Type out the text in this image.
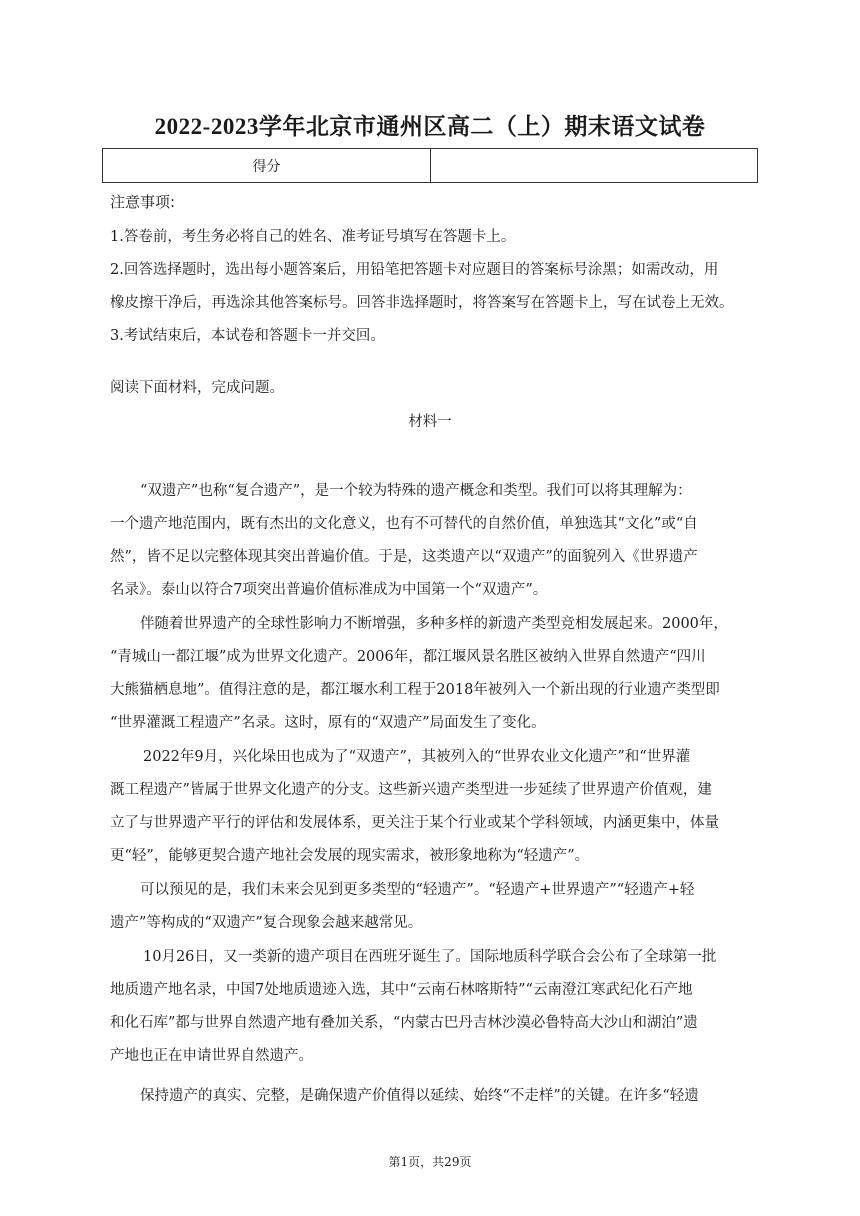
2022-2023学年北京市通州区高二（上）期末语文试卷
得分	
注意事项:
1.答卷前，考生务必将自己的姓名、准考证号填写在答题卡上。
2.回答选择题时，选出每小题答案后，用铅笔把答题卡对应题目的答案标号涂黑；如需改动，用
橡皮擦干净后，再选涂其他答案标号。回答非选择题时，将答案写在答题卡上，写在试卷上无效。
3.考试结束后，本试卷和答题卡一并交回。
阅读下面材料，完成问题。
材料一
“双遗产”也称“复合遗产”，是一个较为特殊的遗产概念和类型。我们可以将其理解为：
一个遗产地范围内，既有杰出的文化意义，也有不可替代的自然价值，单独选其“文化”或“自
然”，皆不足以完整体现其突出普遍价值。于是，这类遗产以“双遗产”的面貌列入《世界遗产
名录》。泰山以符合7项突出普遍价值标准成为中国第一个“双遗产”。
伴随着世界遗产的全球性影响力不断增强，多种多样的新遗产类型竞相发展起来。2000年，
“青城山一都江堰”成为世界文化遗产。2006年，都江堰风景名胜区被纳入世界自然遗产“四川
大熊猫栖息地”。值得注意的是，都江堰水利工程于2018年被列入一个新出现的行业遗产类型即
“世界灌溉工程遗产”名录。这时，原有的“双遗产”局面发生了变化。
2022年9月，兴化垛田也成为了“双遗产”，其被列入的“世界农业文化遗产”和“世界灌
溉工程遗产”皆属于世界文化遗产的分支。这些新兴遗产类型进一步延续了世界遗产价值观，建
立了与世界遗产平行的评估和发展体系，更关注于某个行业或某个学科领域，内涵更集中，体量
更“轻”，能够更契合遗产地社会发展的现实需求，被形象地称为“轻遗产”。
可以预见的是，我们未来会见到更多类型的“轻遗产”。“轻遗产+世界遗产”“轻遗产+轻
遗产”等构成的“双遗产”复合现象会越来越常见。
10月26日，又一类新的遗产项目在西班牙诞生了。国际地质科学联合会公布了全球第一批
地质遗产地名录，中国7处地质遗迹入选，其中“云南石林喀斯特”“云南澄江寒武纪化石产地
和化石库”都与世界自然遗产地有叠加关系，“内蒙古巴丹吉林沙漠必鲁特高大沙山和湖泊”遗
产地也正在申请世界自然遗产。
保持遗产的真实、完整，是确保遗产价值得以延续、始终“不走样”的关键。在许多“轻遗
第1页，共29页
